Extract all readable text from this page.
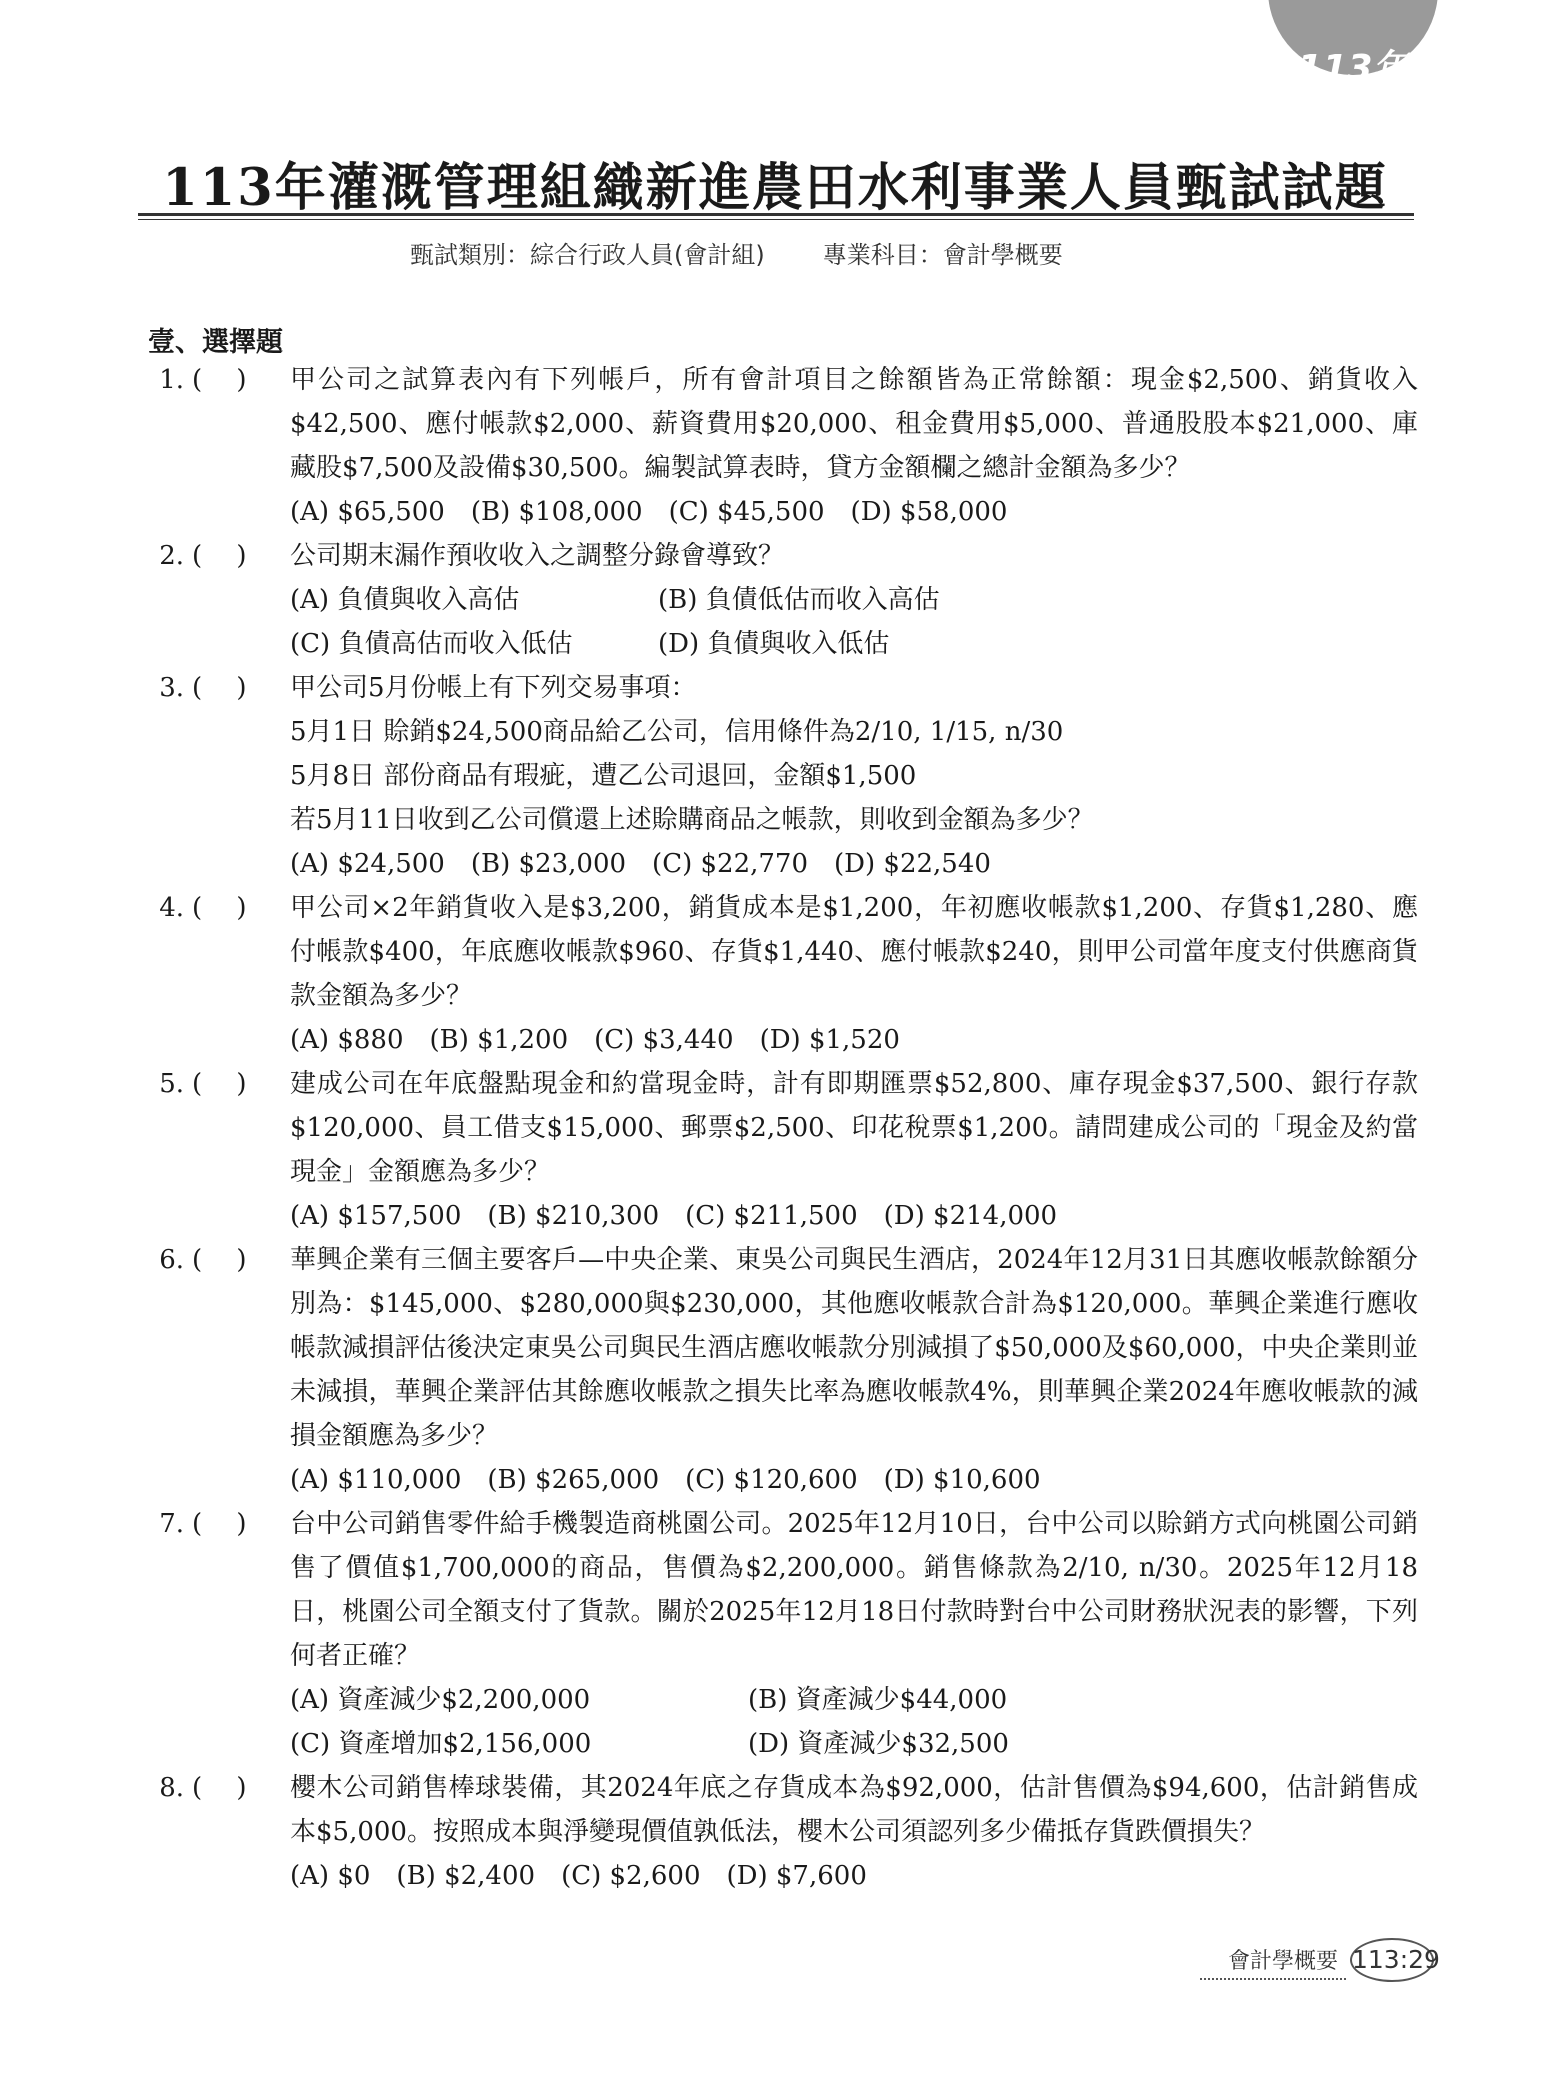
113年
113年灌溉管理組織新進農田水利事業人員甄試試題
甄試類別：綜合行政人員(會計組) 專業科目：會計學概要
壹、選擇題
1. (　 )	甲公司之試算表內有下列帳戶，所有會計項目之餘額皆為正常餘額：現金$2,500、銷貨收入$42,500、應付帳款$2,000、薪資費用$20,000、租金費用$5,000、普通股股本$21,000、庫藏股$7,500及設備$30,500。編製試算表時，貸方金額欄之總計金額為多少？

(A) $65,500 (B) $108,000 (C) $45,500 (D) $58,000
2. (　 )	公司期末漏作預收收入之調整分錄會導致？

(A) 負債與收入高估	(B) 負債低估而收入高估
(C) 負債高估而收入低估	(D) 負債與收入低估
3. (　 )	甲公司5月份帳上有下列交易事項：

5月1日 賒銷$24,500商品給乙公司，信用條件為2/10, 1/15, n/30

5月8日 部份商品有瑕疵，遭乙公司退回，金額$1,500

若5月11日收到乙公司償還上述賒購商品之帳款，則收到金額為多少？

(A) $24,500 (B) $23,000 (C) $22,770 (D) $22,540
4. (　 )	甲公司×2年銷貨收入是$3,200，銷貨成本是$1,200，年初應收帳款$1,200、存貨$1,280、應付帳款$400，年底應收帳款$960、存貨$1,440、應付帳款$240，則甲公司當年度支付供應商貨款金額為多少？

(A) $880 (B) $1,200 (C) $3,440 (D) $1,520
5. (　 )	建成公司在年底盤點現金和約當現金時，計有即期匯票$52,800、庫存現金$37,500、銀行存款$120,000、員工借支$15,000、郵票$2,500、印花稅票$1,200。請問建成公司的「現金及約當現金」金額應為多少？

(A) $157,500 (B) $210,300 (C) $211,500 (D) $214,000
6. (　 )	華興企業有三個主要客戶—中央企業、東吳公司與民生酒店，2024年12月31日其應收帳款餘額分別為：$145,000、$280,000與$230,000，其他應收帳款合計為$120,000。華興企業進行應收帳款減損評估後決定東吳公司與民生酒店應收帳款分別減損了$50,000及$60,000，中央企業則並未減損，華興企業評估其餘應收帳款之損失比率為應收帳款4%，則華興企業2024年應收帳款的減損金額應為多少？

(A) $110,000 (B) $265,000 (C) $120,600 (D) $10,600
7. (　 )	台中公司銷售零件給手機製造商桃園公司。2025年12月10日，台中公司以賒銷方式向桃園公司銷售了價值$1,700,000的商品，售價為$2,200,000。銷售條款為2/10, n/30。2025年12月18日，桃園公司全額支付了貨款。關於2025年12月18日付款時對台中公司財務狀況表的影響，下列何者正確？

(A) 資產減少$2,200,000	(B) 資產減少$44,000
(C) 資產增加$2,156,000	(D) 資產減少$32,500
8. (　 )	櫻木公司銷售棒球裝備，其2024年底之存貨成本為$92,000，估計售價為$94,600，估計銷售成本$5,000。按照成本與淨變現價值孰低法，櫻木公司須認列多少備抵存貨跌價損失？

(A) $0 (B) $2,400 (C) $2,600 (D) $7,600
會計學概要 113:29
